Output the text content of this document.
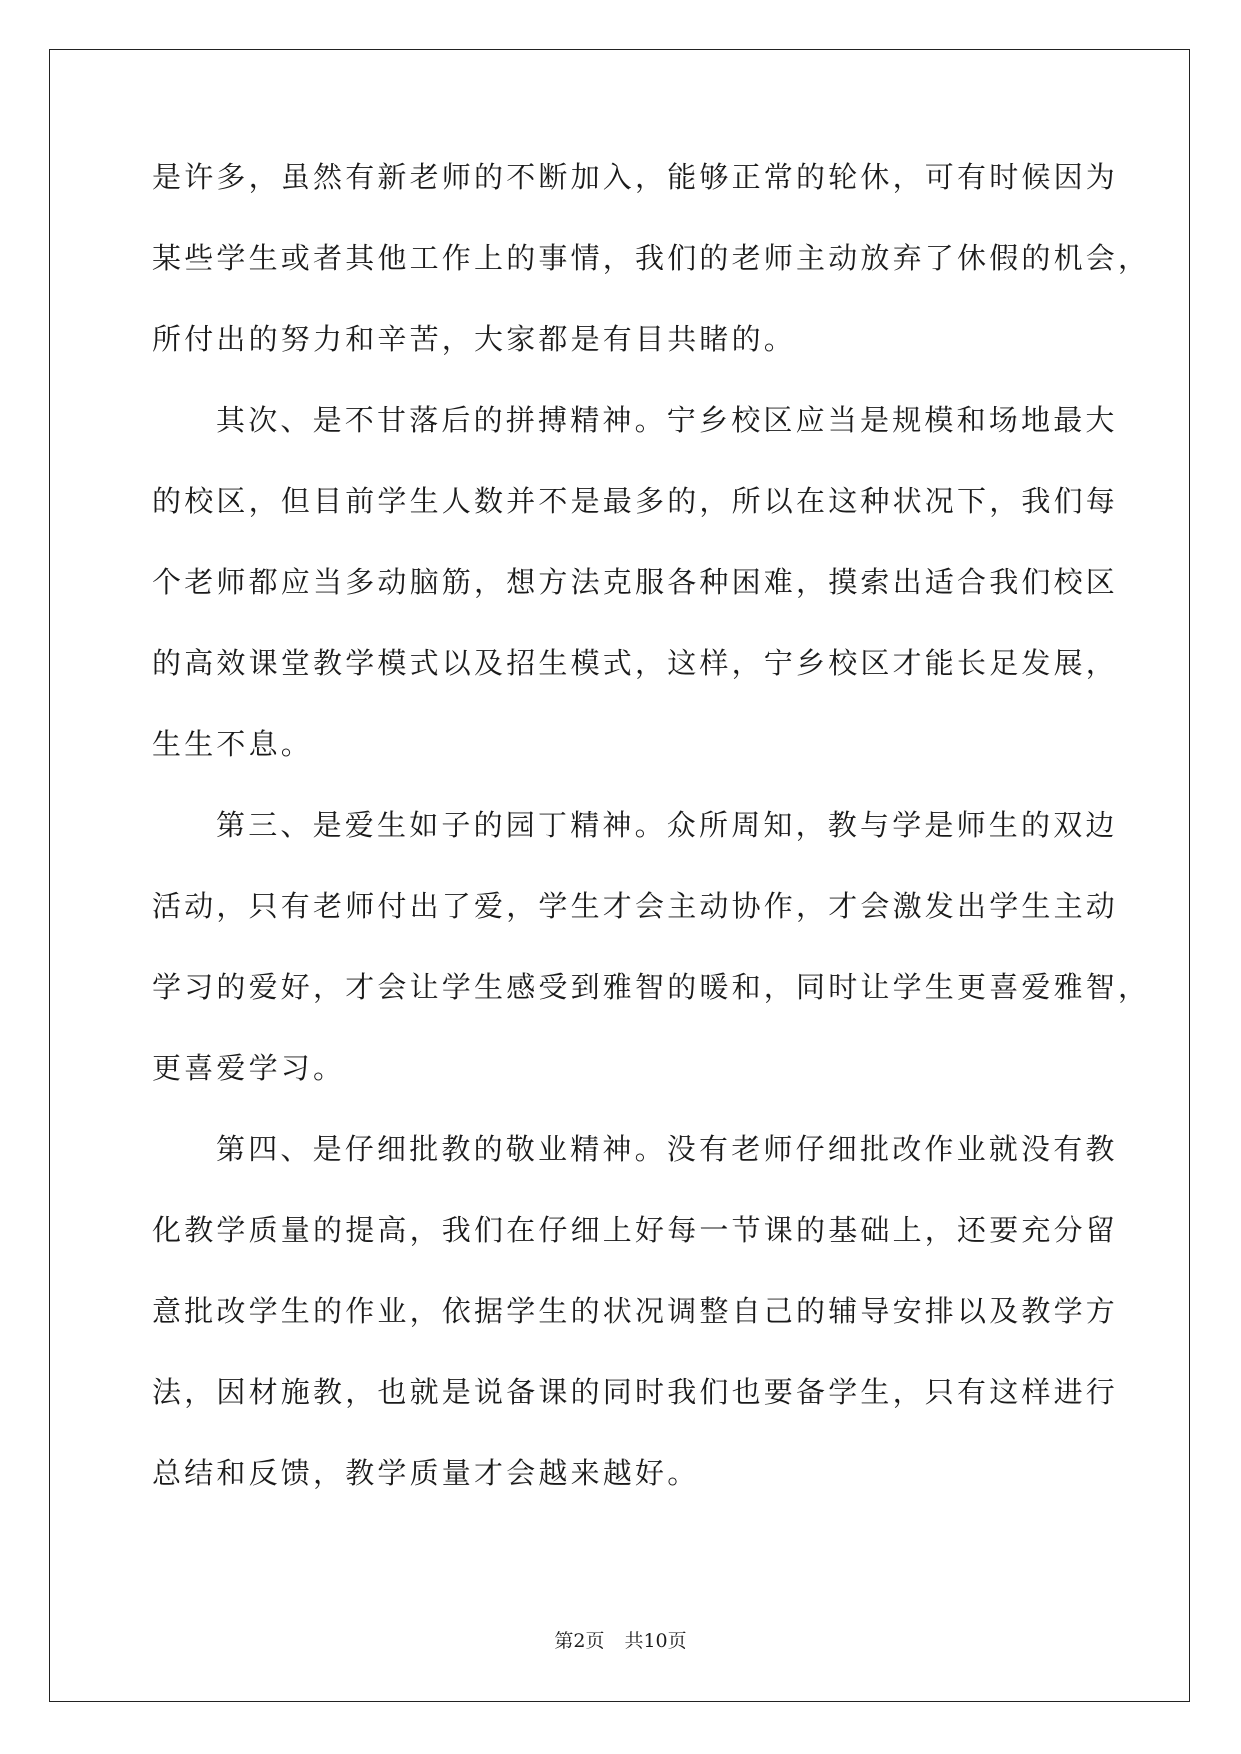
是许多，虽然有新老师的不断加入，能够正常的轮休，可有时候因为
某些学生或者其他工作上的事情，我们的老师主动放弃了休假的机会，
所付出的努力和辛苦，大家都是有目共睹的。
其次、是不甘落后的拼搏精神。宁乡校区应当是规模和场地最大
的校区，但目前学生人数并不是最多的，所以在这种状况下，我们每
个老师都应当多动脑筋，想方法克服各种困难，摸索出适合我们校区
的高效课堂教学模式以及招生模式，这样，宁乡校区才能长足发展，
生生不息。
第三、是爱生如子的园丁精神。众所周知，教与学是师生的双边
活动，只有老师付出了爱，学生才会主动协作，才会激发出学生主动
学习的爱好，才会让学生感受到雅智的暖和，同时让学生更喜爱雅智，
更喜爱学习。
第四、是仔细批教的敬业精神。没有老师仔细批改作业就没有教
化教学质量的提高，我们在仔细上好每一节课的基础上，还要充分留
意批改学生的作业，依据学生的状况调整自己的辅导安排以及教学方
法，因材施教，也就是说备课的同时我们也要备学生，只有这样进行
总结和反馈，教学质量才会越来越好。
第2页 共10页
